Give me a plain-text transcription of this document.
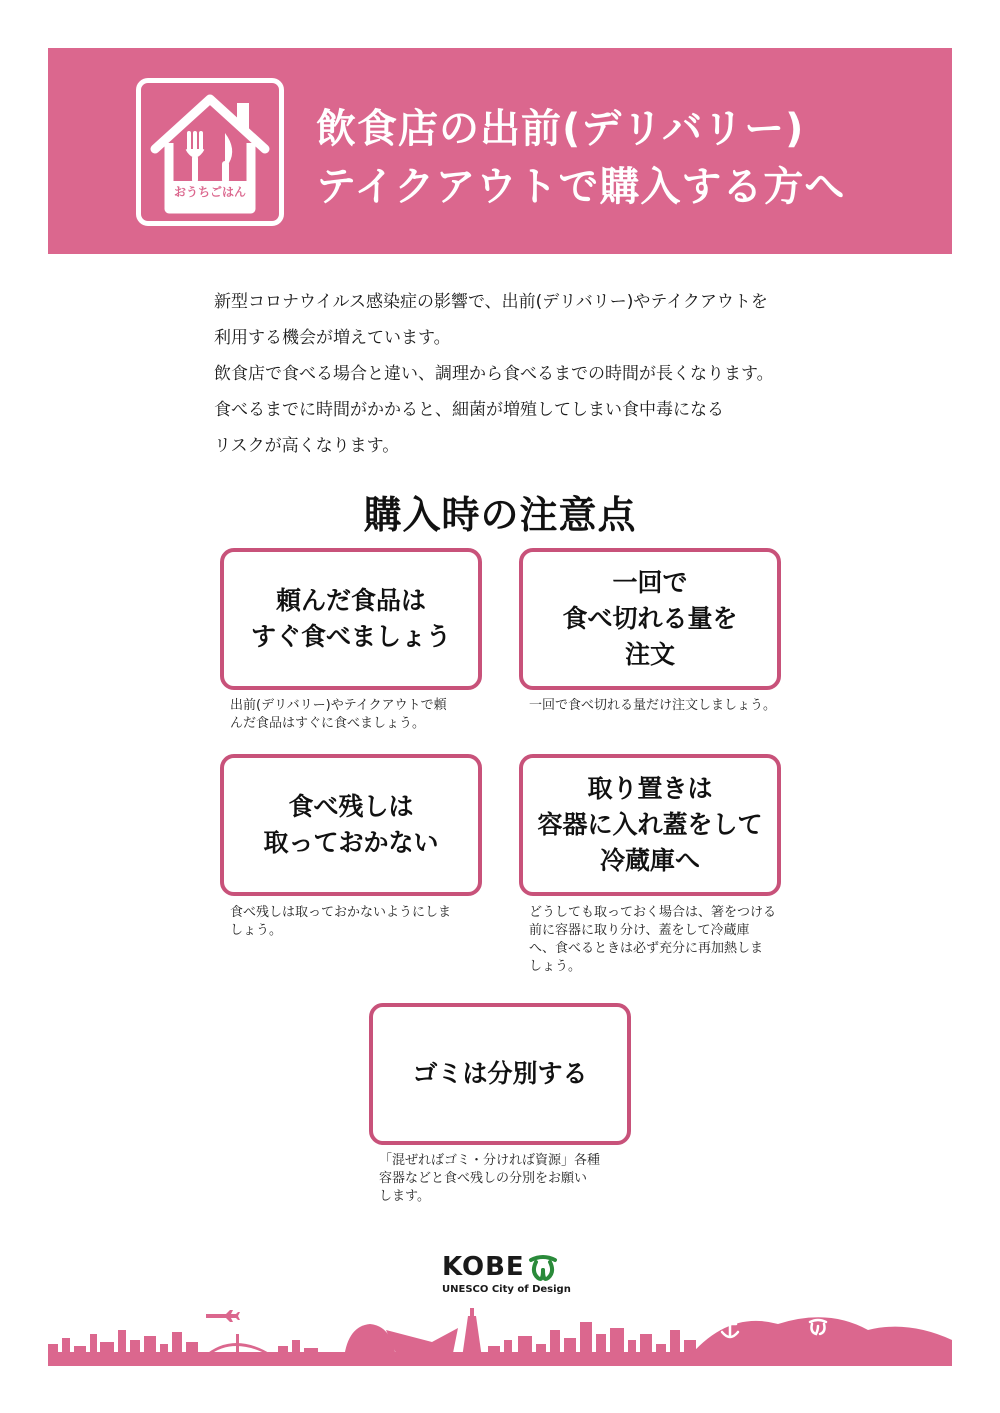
おうちごはん
飲食店の出前(デリバリー)
テイクアウトで購入する方へ

新型コロナウイルス感染症の影響で、出前(デリバリー)やテイクアウトを

利用する機会が増えています。

飲食店で食べる場合と違い、調理から食べるまでの時間が長くなります。

食べるまでに時間がかかると、細菌が増殖してしまい食中毒になる

リスクが高くなります。

購入時の注意点
頼んだ食品は
すぐ食べましょう
出前(デリバリー)やテイクアウトで頼
んだ食品はすぐに食べましょう。
一回で
食べ切れる量を
注文
一回で食べ切れる量だけ注文しましょう。
食べ残しは
取っておかない
食べ残しは取っておかないようにしま
しょう。
取り置きは
容器に入れ蓋をして
冷蔵庫へ
どうしても取っておく場合は、箸をつける
前に容器に取り分け、蓋をして冷蔵庫
へ、食べるときは必ず充分に再加熱しま
しょう。
ゴミは分別する
「混ぜればゴミ・分ければ資源」各種
容器などと食べ残しの分別をお願い
します。
KOBE
UNESCO City of Design
